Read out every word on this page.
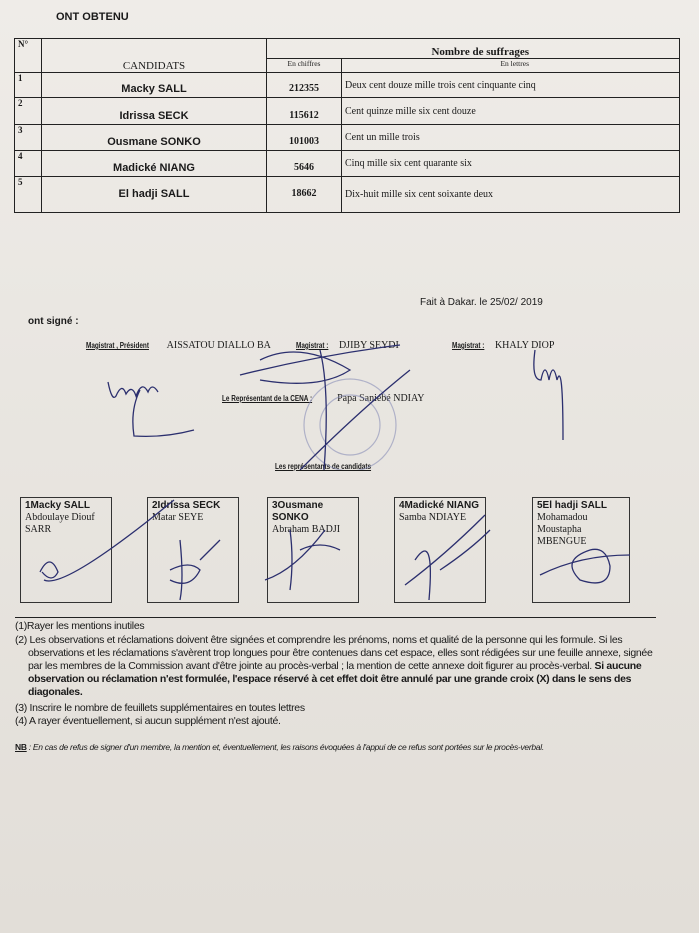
ONT OBTENU
N°	CANDIDATS	Nombre de suffrages	
		En chiffres	En lettres
1	Macky SALL	212355	Deux cent douze mille trois cent cinquante cinq
2	Idrissa SECK	115612	Cent quinze mille six cent douze
3	Ousmane SONKO	101003	Cent un mille trois
4	Madické NIANG	5646	Cinq mille six cent quarante six
5	El hadji SALL	18662	Dix-huit mille six cent soixante deux
Fait à Dakar. le 25/02/ 2019
ont signé :
Magistrat , Président AISSATOU DIALLO BA	Magistrat : DJIBY SEYDI	Magistrat : KHALY DIOP
Le Représentant de la CENA :	Papa Saniébé NDIAY
Les représentants de candidats
1Macky SALL
Abdoulaye Diouf SARR
2Idrissa SECK
Matar SEYE
3Ousmane SONKO
Abraham BADJI
4Madické NIANG
Samba NDIAYE
5El hadji SALL
Mohamadou Moustapha MBENGUE
(1)Rayer les mentions inutiles
(2) Les observations et réclamations doivent être signées et comprendre les prénoms, noms et qualité de la personne qui les formule. Si les observations et les réclamations s'avèrent trop longues pour être contenues dans cet espace, elles sont rédigées sur une feuille annexe, signée par les membres de la Commission avant d'être jointe au procès-verbal ; la mention de cette annexe doit figurer au procès-verbal. Si aucune observation ou réclamation n'est formulée, l'espace réservé à cet effet doit être annulé par une grande croix (X) dans le sens des diagonales.
(3) Inscrire le nombre de feuillets supplémentaires en toutes lettres
(4) A rayer éventuellement, si aucun supplément n'est ajouté.
NB : En cas de refus de signer d'un membre, la mention et, éventuellement, les raisons évoquées à l'appui de ce refus sont portées sur le procès-verbal.
